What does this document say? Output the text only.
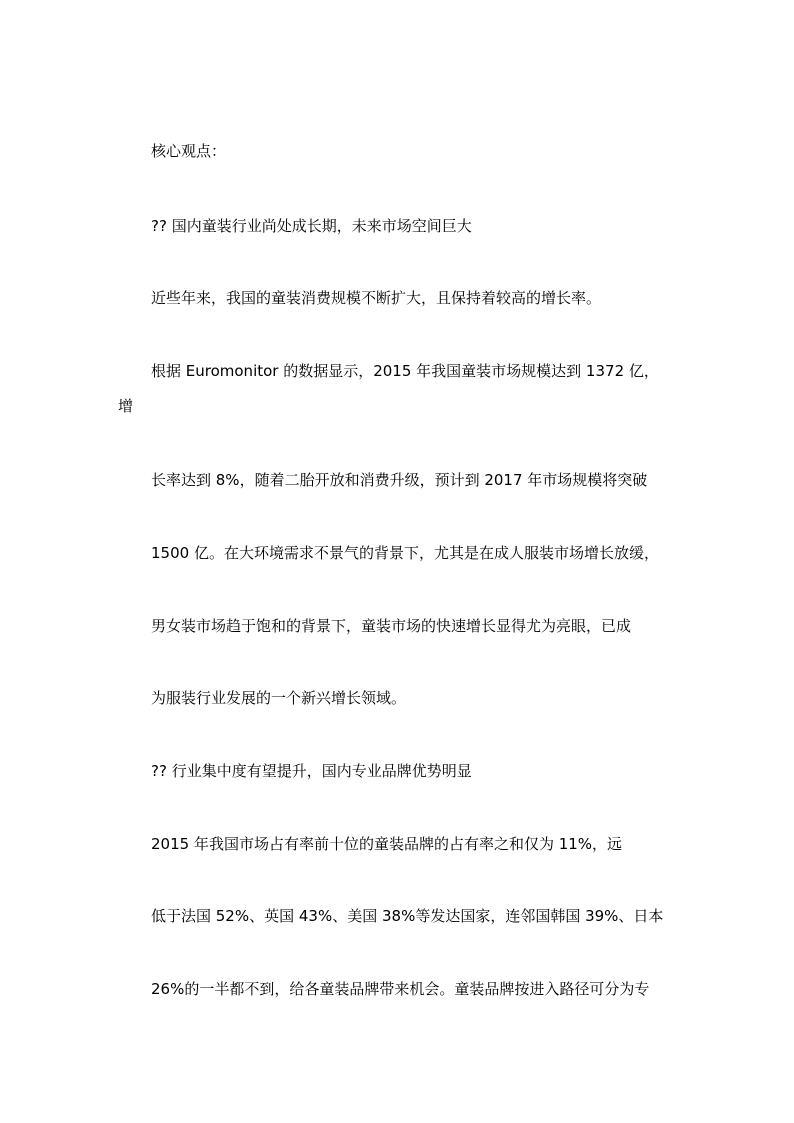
核心观点：
?? 国内童装行业尚处成长期，未来市场空间巨大
近些年来，我国的童装消费规模不断扩大，且保持着较高的增长率。
根据 Euromonitor 的数据显示，2015 年我国童装市场规模达到 1372 亿，
增
长率达到 8%，随着二胎开放和消费升级，预计到 2017 年市场规模将突破
1500 亿。在大环境需求不景气的背景下，尤其是在成人服装市场增长放缓，
男女装市场趋于饱和的背景下，童装市场的快速增长显得尤为亮眼，已成
为服装行业发展的一个新兴增长领域。
?? 行业集中度有望提升，国内专业品牌优势明显
2015 年我国市场占有率前十位的童装品牌的占有率之和仅为 11%，远
低于法国 52%、英国 43%、美国 38%等发达国家，连邻国韩国 39%、日本
26%的一半都不到，给各童装品牌带来机会。童装品牌按进入路径可分为专
